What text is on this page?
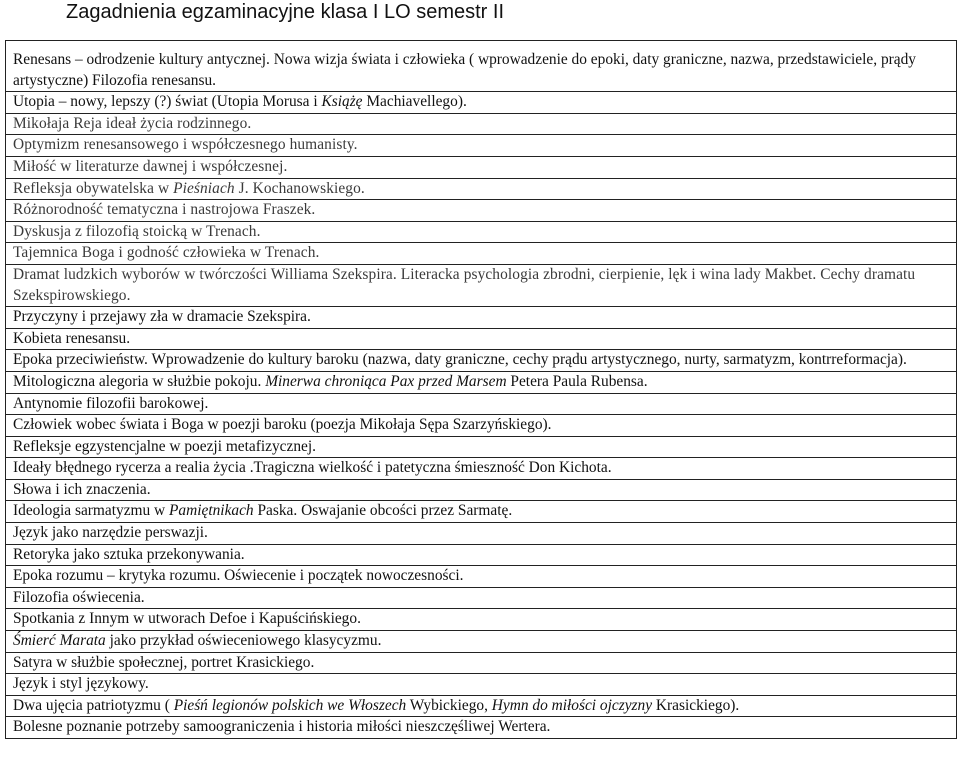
Zagadnienia egzaminacyjne klasa I LO semestr II
Renesans – odrodzenie kultury antycznej. Nowa wizja świata i człowieka ( wprowadzenie do epoki, daty graniczne, nazwa, przedstawiciele, prądy artystyczne) Filozofia renesansu.
Utopia – nowy, lepszy (?) świat (Utopia Morusa i Książę Machiavellego).
Mikołaja Reja ideał życia rodzinnego.
Optymizm renesansowego i współczesnego humanisty.
Miłość w literaturze dawnej i współczesnej.
Refleksja obywatelska w Pieśniach J. Kochanowskiego.
Różnorodność tematyczna i nastrojowa Fraszek.
Dyskusja z filozofią stoicką w Trenach.
Tajemnica Boga i godność człowieka w Trenach.
Dramat ludzkich wyborów w twórczości Williama Szekspira. Literacka psychologia zbrodni, cierpienie, lęk i wina lady Makbet. Cechy dramatu Szekspirowskiego.
Przyczyny i przejawy zła w dramacie Szekspira.
Kobieta renesansu.
Epoka przeciwieństw. Wprowadzenie do kultury baroku (nazwa, daty graniczne, cechy prądu artystycznego, nurty, sarmatyzm, kontrreformacja).
Mitologiczna alegoria w służbie pokoju. Minerwa chroniąca Pax przed Marsem Petera Paula Rubensa.
Antynomie filozofii barokowej.
Człowiek wobec świata i Boga w poezji baroku (poezja Mikołaja Sępa Szarzyńskiego).
Refleksje egzystencjalne w poezji metafizycznej.
Ideały błędnego rycerza a realia życia .Tragiczna wielkość i patetyczna śmieszność Don Kichota.
Słowa i ich znaczenia.
Ideologia sarmatyzmu w Pamiętnikach Paska. Oswajanie obcości przez Sarmatę.
Język jako narzędzie perswazji.
Retoryka jako sztuka przekonywania.
Epoka rozumu – krytyka rozumu. Oświecenie i początek nowoczesności.
Filozofia oświecenia.
Spotkania z Innym w utworach Defoe i Kapuścińskiego.
Śmierć Marata jako przykład oświeceniowego klasycyzmu.
Satyra w służbie społecznej, portret Krasickiego.
Język i styl językowy.
Dwa ujęcia patriotyzmu ( Pieśń legionów polskich we Włoszech Wybickiego, Hymn do miłości ojczyzny Krasickiego).
Bolesne poznanie potrzeby samoograniczenia i historia miłości nieszczęśliwej Wertera.
